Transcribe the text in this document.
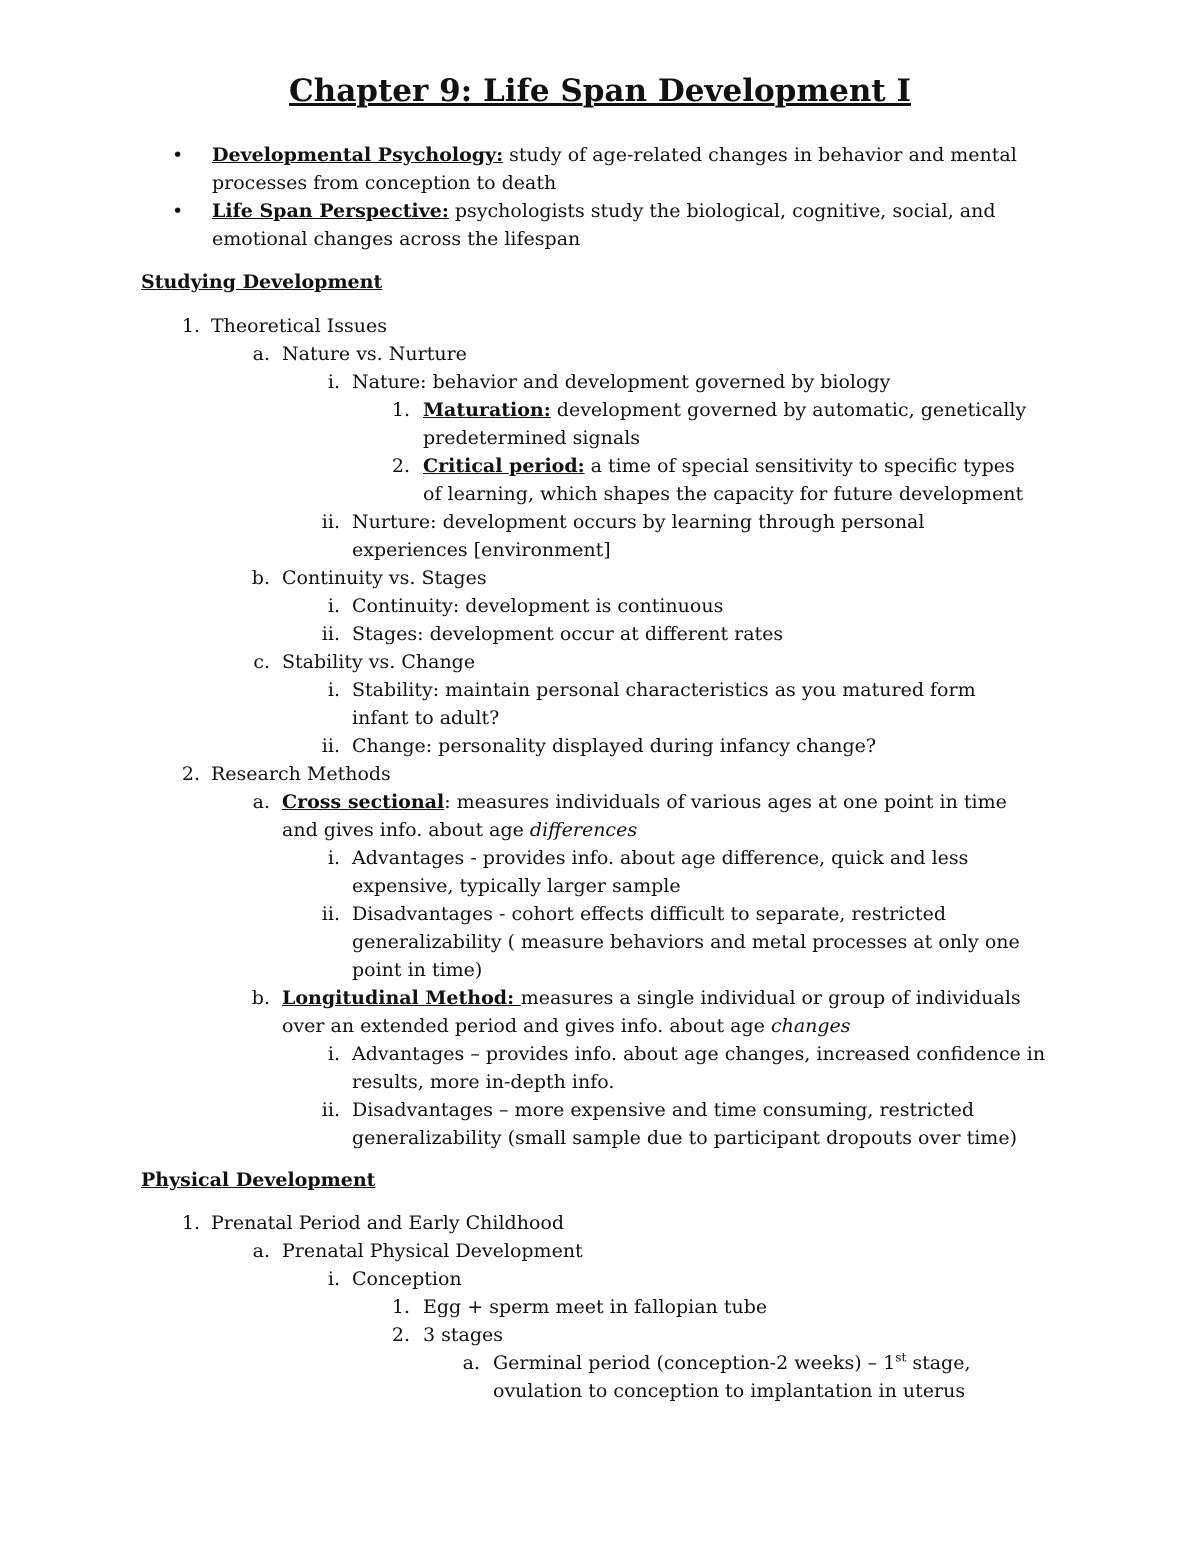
Chapter 9: Life Span Development I
• Developmental Psychology: study of age-related changes in behavior and mental
processes from conception to death
• Life Span Perspective: psychologists study the biological, cognitive, social, and
emotional changes across the lifespan
Studying Development
1. Theoretical Issues
a. Nature vs. Nurture
i. Nature: behavior and development governed by biology
1. Maturation: development governed by automatic, genetically
predetermined signals
2. Critical period: a time of special sensitivity to specific types
of learning, which shapes the capacity for future development
ii. Nurture: development occurs by learning through personal
experiences [environment]
b. Continuity vs. Stages
i. Continuity: development is continuous
ii. Stages: development occur at different rates
c. Stability vs. Change
i. Stability: maintain personal characteristics as you matured form
infant to adult?
ii. Change: personality displayed during infancy change?
2. Research Methods
a. Cross sectional: measures individuals of various ages at one point in time
and gives info. about age differences
i. Advantages - provides info. about age difference, quick and less
expensive, typically larger sample
ii. Disadvantages - cohort effects difficult to separate, restricted
generalizability ( measure behaviors and metal processes at only one
point in time)
b. Longitudinal Method: measures a single individual or group of individuals
over an extended period and gives info. about age changes
i. Advantages – provides info. about age changes, increased confidence in
results, more in-depth info.
ii. Disadvantages – more expensive and time consuming, restricted
generalizability (small sample due to participant dropouts over time)
Physical Development
1. Prenatal Period and Early Childhood
a. Prenatal Physical Development
i. Conception
1. Egg + sperm meet in fallopian tube
2. 3 stages
a. Germinal period (conception-2 weeks) – 1st stage,
ovulation to conception to implantation in uterus
